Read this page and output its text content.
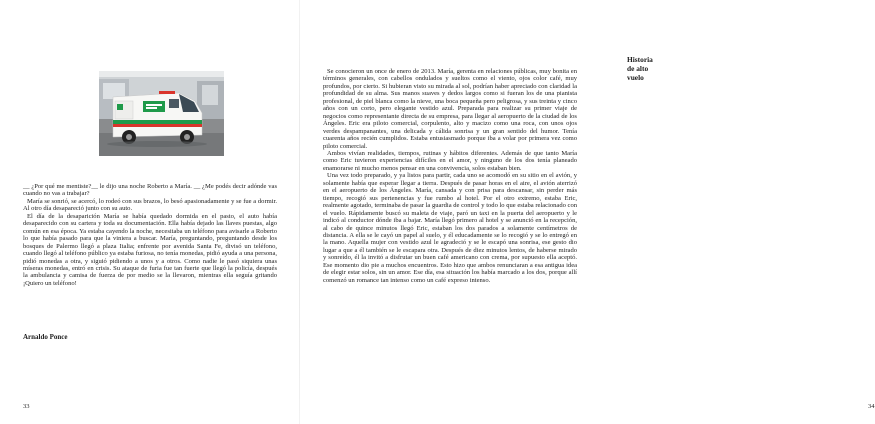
__ ¿Por qué me mentiste?__ le dijo una noche Roberto a María. __ ¿Me podés decir adónde vas cuando no vas a trabajar?

María se sonrió, se acercó, lo rodeó con sus brazos, lo besó apasionadamente y se fue a dormir. Al otro día desapareció junto con su auto.

El día de la desaparición María se había quedado dormida en el pasto, el auto había desaparecido con su cartera y toda su documentación. Ella había dejado las llaves puestas, algo común en esa época. Ya estaba cayendo la noche, necesitaba un teléfono para avisarle a Roberto lo que había pasado para que la viniera a buscar. María, preguntando, preguntando desde los bosques de Palermo llegó a plaza Italia; enfrente por avenida Santa Fe, divisó un teléfono, cuando llegó al teléfono público ya estaba furiosa, no tenía monedas, pidió ayuda a una persona, pidió monedas a otra, y siguió pidiendo a unos y a otros. Como nadie le pasó siquiera unas míseras monedas, entró en crisis. Su ataque de furia fue tan fuerte que llegó la policía, después la ambulancia y camisa de fuerza de por medio se la llevaron, mientras ella seguía gritando ¡Quiero un teléfono!

Arnaldo Ponce
33
Historia de alto vuelo
34

Se conocieron un once de enero de 2013. María, gerenta en relaciones públicas, muy bonita en términos generales, con cabellos ondulados y sueltos como el viento, ojos color café, muy profundos, por cierto. Si hubieran visto su mirada al sol, podrían haber apreciado con claridad la profundidad de su alma. Sus manos suaves y dedos largos como si fueran los de una pianista profesional, de piel blanca como la nieve, una boca pequeña pero peligrosa, y sus treinta y cinco años con un corto, pero elegante vestido azul. Preparada para realizar su primer viaje de negocios como representante directa de su empresa, para llegar al aeropuerto de la ciudad de los Ángeles. Eric era piloto comercial, corpulento, alto y macizo como una roca, con unos ojos verdes despampanantes, una delicada y cálida sonrisa y un gran sentido del humor. Tenía cuarenta años recién cumplidos. Estaba entusiasmado porque iba a volar por primera vez como piloto comercial.

Ambos vivían realidades, tiempos, rutinas y hábitos diferentes. Además de que tanto María como Eric tuvieron experiencias difíciles en el amor, y ninguno de los dos tenía planeado enamorarse ni mucho menos pensar en una convivencia, solos estaban bien.

Una vez todo preparado, y ya listos para partir, cada uno se acomodó en su sitio en el avión, y solamente había que esperar llegar a tierra. Después de pasar horas en el aire, el avión aterrizó en el aeropuerto de los Ángeles. María, cansada y con prisa para descansar, sin perder más tiempo, recogió sus pertenencias y fue rumbo al hotel. Por el otro extremo, estaba Eric, realmente agotado, terminaba de pasar la guardia de control y todo lo que estaba relacionado con el vuelo. Rápidamente buscó su maleta de viaje, paró un taxi en la puerta del aeropuerto y le indicó al conductor dónde iba a bajar. María llegó primero al hotel y se anunció en la recepción, al cabo de quince minutos llegó Eric, estaban los dos parados a solamente centímetros de distancia. A ella se le cayó un papel al suelo, y él educadamente se lo recogió y se lo entregó en la mano. Aquella mujer con vestido azul le agradeció y se le escapó una sonrisa, ese gesto dio lugar a que a él también se le escapara otra. Después de diez minutos lentos, de haberse mirado y sonreído, él la invitó a disfrutar un buen café americano con crema, por supuesto ella aceptó. Ese momento dio pie a muchos encuentros. Esto hizo que ambos renunciaran a esa antigua idea de elegir estar solos, sin un amor. Ese día, esa situación los había marcado a los dos, porque allí comenzó un romance tan intenso como un café expreso intenso.
